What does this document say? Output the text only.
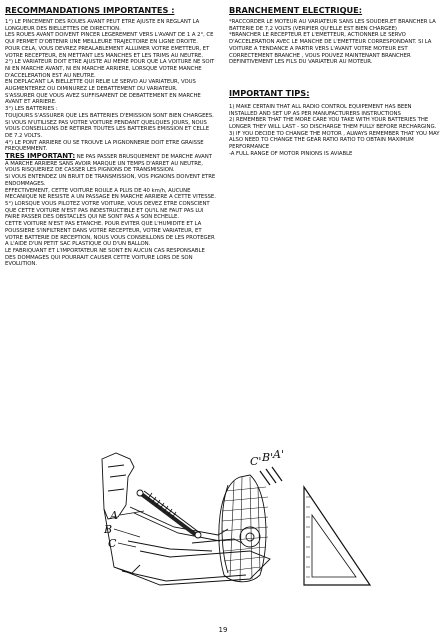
RECOMMANDATIONS IMPORTANTES :

1°) LE PINCEMENT DES ROUES AVANT PEUT ETRE AJUSTE EN REGLANT LA LONGUEUR DES BIELLETTES DE DIRECTION.

LES ROUES AVANT DOIVENT PINCER LEGEREMENT VERS L'AVANT DE 1 A 2°, CE QUI PERMET D'OBTENIR UNE MEILLEURE TRAJECTOIRE EN LIGNE DROITE.

POUR CELA, VOUS DEVREZ PREALABLEMENT ALLUMER VOTRE EMETTEUR, ET VOTRE RECEPTEUR, EN METTANT LES MANCHES ET LES TRIMS AU NEUTRE.

2°) LE VARIATEUR DOIT ETRE AJUSTE AU MEME POUR QUE LA VOITURE NE SOIT NI EN MARCHE AVANT, NI EN MARCHE ARRIERE, LORSQUE VOTRE MANCHE D'ACCELERATION EST AU NEUTRE.

EN DEPLACANT LA BIELLETTE QUI RELIE LE SERVO AU VARIATEUR, VOUS AUGMENTEREZ OU DIMINUREZ LE DEBATTEMENT DU VARIATEUR.

S'ASSURER QUE VOUS AVEZ SUFFISAMENT DE DEBATTEMENT EN MARCHE AVANT ET ARRIERE.

3°) LES BATTERIES :

TOUJOURS S'ASSURER QUE LES BATTERIES D'EMISSION SONT BIEN CHARGEES.

SI VOUS N'UTILISEZ PAS VOTRE VOITURE PENDANT QUELQUES JOURS, NOUS VOUS CONSEILLONS DE RETIRER TOUTES LES BATTERIES EMISSION ET CELLE DE 7.2 VOLTS.

4°) LE PONT ARRIERE OU SE TROUVE LA PIGNONNERIE DOIT ETRE GRAISSE FREQUEMMENT.

TRES IMPORTANT: NE PAS PASSER BRUSQUEMENT DE MARCHE AVANT A MARCHE ARRIERE SANS AVOIR MARQUE UN TEMPS D'ARRET AU NEUTRE, VOUS RISQUERIEZ DE CASSER LES PIGNONS DE TRANSMISSION.

SI VOUS ENTENDEZ UN BRUIT DE TRANSMISSION, VOS PIGNONS DOIVENT ETRE ENDOMMAGES.

EFFECTIVEMENT, CETTE VOITURE ROULE A PLUS DE 40 km/h, AUCUNE MECANIQUE NE RESISTE A UN PASSAGE EN MARCHE ARRIERE A CETTE VITESSE.

5°) LORSQUE VOUS PILOTEZ VOTRE VOITURE, VOUS DEVEZ ETRE CONSCIENT QUE CETTE VOITURE N'EST PAS INDESTRUCTIBLE ET QU'IL NE FAUT PAS LUI FAIRE PASSER DES OBSTACLES QUI NE SONT PAS A SON ECHELLE.

CETTE VOITURE N'EST PAS ETANCHE. POUR EVITER QUE L'HUMIDITE ET LA POUSSIERE S'INFILTRENT DANS VOTRE RECEPTEUR, VOTRE VARIATEUR, ET VOTRE BATTERIE DE RECEPTION, NOUS VOUS CONSEILLONS DE LES PROTEGER A L'AIDE D'UN PETIT SAC PLASTIQUE OU D'UN BALLON.

LE FABRIQUANT ET L'IMPORTATEUR NE SONT EN AUCUN CAS RESPONSABLE DES DOMMAGES QUI POURRAIT CAUSER CETTE VOITURE LORS DE SON EVOLUTION.

BRANCHEMENT ELECTRIQUE:

*RACCORDER LE MOTEUR AU VARIATEUR SANS LES SOUDER.ET BRANCHER LA BATTERIE DE 7,2 VOLTS (VERIFIER QU'ELLE EST BIEN CHARGEE)

*BRANCHER LE RECEPTEUR ET L'EMETTEUR, ACTIONNER LE SERVO D'ACCELERATION AVEC LE MANCHE DE L'EMETTEUR CORRESPONDANT. SI LA VOITURE A TENDANCE A PARTIR VERS L'AVANT VOTRE MOTEUR EST CORRECTEMENT BRANCHE , VOUS POUVEZ MAINTENANT BRANCHER DEFINITIVEMENT LES FILS DU VARIATEUR AU MOTEUR.

IMPORTANT TIPS:

1) MAKE CERTAIN THAT ALL RADIO CONTROL EQUIPEMENT HAS BEEN INSTALLED AND SET UP AS PER MANUFACTURERS INSTRUCTIONS

2) REMEMBER THAT THE MORE CARE YOU TAKE WITH YOUR BATTERIES THE LONGER THEY WILL LAST - SO DISCHARGE THEM FULLY BEFORE RECHARGING.

3) IF YOU DECIDE TO CHANGE THE MOTOR , ALWAYS REMEMBER THAT YOU MAY ALSO NEED TO CHANGE THE GEAR RATIO RATIO TO OBTAIN MAXIMUM PERFORMANCE

-A FULL RANGE OF MOTOR PINIONS IS AVIABLE

A
B
C
C' B' A'
19
